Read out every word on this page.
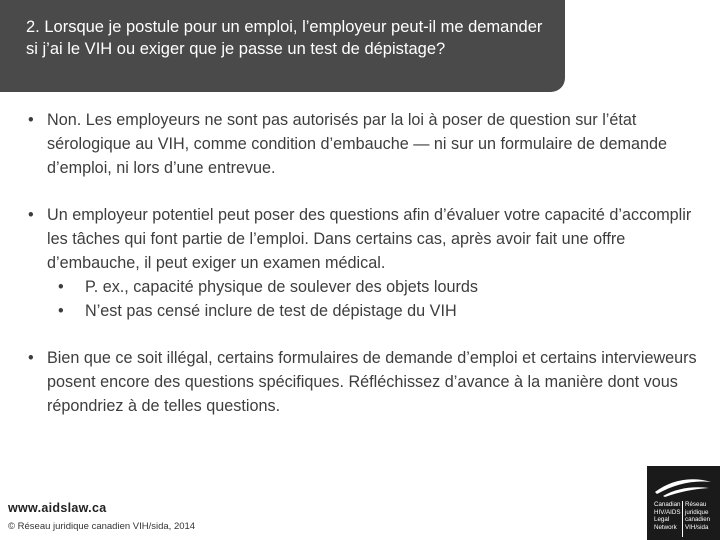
2. Lorsque je postule pour un emploi, l’employeur peut-il me demander si j’ai le VIH ou exiger que je passe un test de dépistage?
• Non. Les employeurs ne sont pas autorisés par la loi à poser de question sur l’état sérologique au VIH, comme condition d’embauche — ni sur un formulaire de demande d’emploi, ni lors d’une entrevue.
• Un employeur potentiel peut poser des questions afin d’évaluer votre capacité d’accomplir les tâches qui font partie de l’emploi. Dans certains cas, après avoir fait une offre d’embauche, il peut exiger un examen médical.
• P. ex., capacité physique de soulever des objets lourds
• N’est pas censé inclure de test de dépistage du VIH
• Bien que ce soit illégal, certains formulaires de demande d’emploi et certains intervieweurs posent encore des questions spécifiques. Réfléchissez d’avance à la manière dont vous répondriez à de telles questions.
www.aidslaw.ca
© Réseau juridique canadien VIH/sida, 2014
Canadian
HIV/AIDS
Legal
Network
Réseau
juridique
canadien
VIH/sida
